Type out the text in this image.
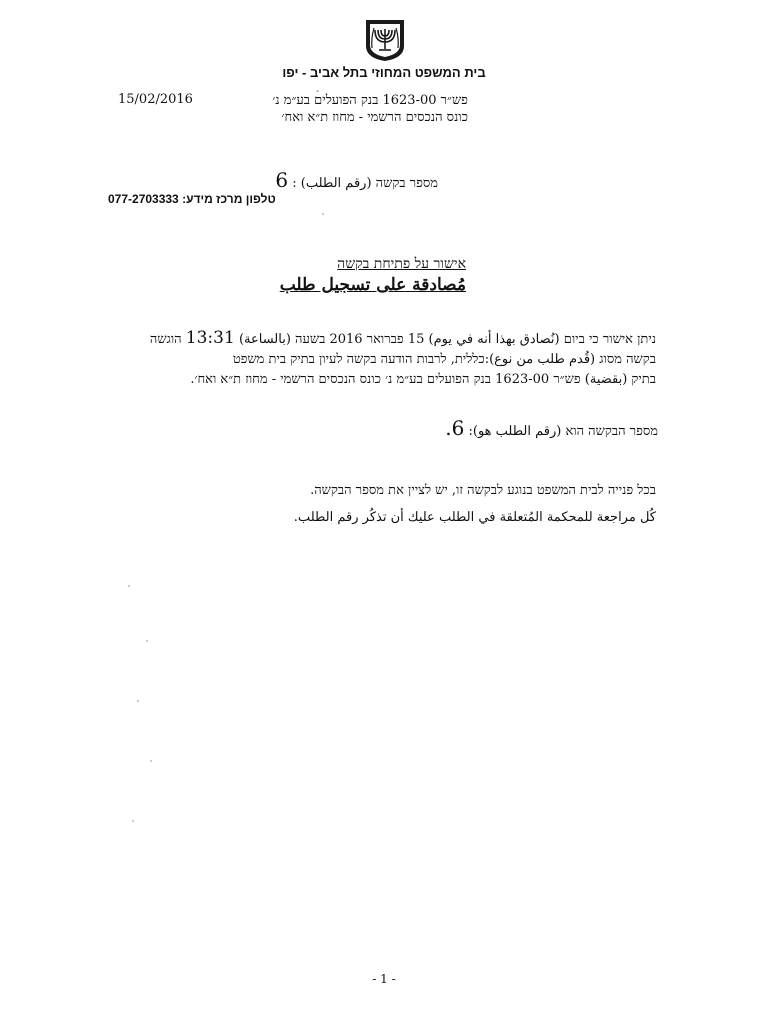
בית המשפט המחוזי בתל אביב - יפו
15/02/2016	פש״ר 1623-00 בנק הפועלים בע״מ נ׳
כונס הנכסים הרשמי - מחוז ת״א ואח׳
מספר בקשה (رقم الطلب) : 6
טלפון מרכז מידע: 077-2703333
אישור על פתיחת בקשה
مُصادقة على تسجيل طلب

ניתן אישור כי ביום (نُصادق بهذا أنه في يوم) 15 פברואר 2016 בשעה (بالساعة) 13:31 הוגשה

בקשה מסוג (قُدم طلب من نوع):כללית, לרבות הודעה בקשה לעיון בתיק בית משפט

בתיק (بقضية) פש״ר 1623-00 בנק הפועלים בע״מ נ׳ כונס הנכסים הרשמי - מחוז ת״א ואח׳.

מספר הבקשה הוא (رقم الطلب هو): 6.
בכל פנייה לבית המשפט בנוגע לבקשה זו, יש לציין את מספר הבקשה.
كُل مراجعة للمحكمة المُتعلقة في الطلب عليك أن تذكُر رقم الطلب.
- 1 -
